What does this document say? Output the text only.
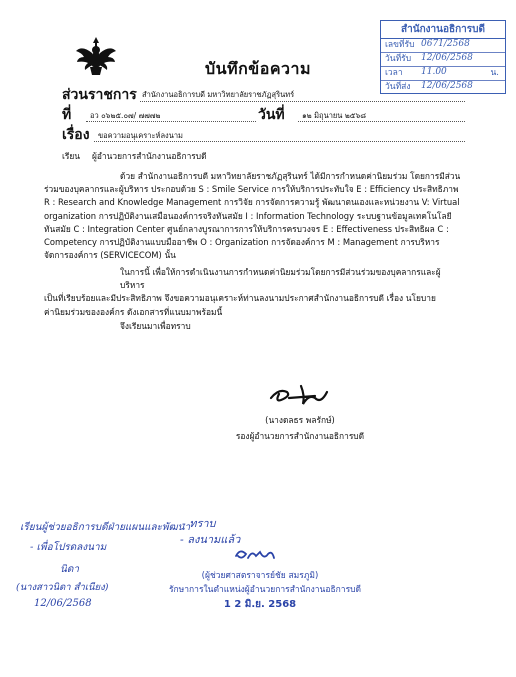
บันทึกข้อความ
สำนักงานอธิการบดี
เลขที่รับ 0671/2568
วันที่รับ 12/06/2568
เวลา 11.00	น.
วันที่ส่ง 12/06/2568
ส่วนราชการ สำนักงานอธิการบดี มหาวิทยาลัยราชภัฏสุรินทร์
ที่	อว ๐๖๒๕.๐๗/ ๗๗๗๒	วันที่ ๑๒ มิถุนายน ๒๕๖๘
เรื่อง ขอความอนุเคราะห์ลงนาม
เรียน ผู้อำนวยการสำนักงานอธิการบดี
ด้วย สำนักงานอธิการบดี มหาวิทยาลัยราชภัฏสุรินทร์ ได้มีการกำหนดค่านิยมร่วม โดยการมีส่วน
ร่วมของบุคลากรและผู้บริหาร ประกอบด้วย S : Smile Service การให้บริการประทับใจ E : Efficiency ประสิทธิภาพ
R : Research and Knowledge Management การวิจัย การจัดการความรู้ พัฒนาตนเองและหน่วยงาน V: Virtual
organization การปฏิบัติงานเสมือนองค์การจริงทันสมัย I : Information Technology ระบบฐานข้อมูลเทคโนโลยี
ทันสมัย C : Integration Center ศูนย์กลางบูรณาการการให้บริการครบวงจร E : Effectiveness ประสิทธิผล C :
Competency การปฏิบัติงานแบบมืออาชีพ O : Organization การจัดองค์การ M : Management การบริหาร
จัดการองค์การ (SERVICECOM) นั้น
ในการนี้ เพื่อให้การดำเนินงานการกำหนดค่านิยมร่วมโดยการมีส่วนร่วมของบุคลากรและผู้บริหาร
เป็นที่เรียบร้อยและมีประสิทธิภาพ จึงขอความอนุเคราะห์ท่านลงนามประกาศสำนักงานอธิการบดี เรื่อง นโยบาย
ค่านิยมร่วมขององค์กร ดังเอกสารที่แนบมาพร้อมนี้
จึงเรียนมาเพื่อทราบ
(นางดลธร พลรักษ์)
รองผู้อำนวยการสำนักงานอธิการบดี
เรียนผู้ช่วยอธิการบดีฝ่ายแผนและพัฒนา
- เพื่อโปรดลงนาม
นิดา
(นางสาวนิดา สำเนียง)
12/06/2568
- ทราบ
- ลงนามแล้ว
(ผู้ช่วยศาสตราจารย์ชัย สมรภูมิ)
รักษาการในตำแหน่งผู้อำนวยการสำนักงานอธิการบดี
1 2 มิ.ย. 2568
